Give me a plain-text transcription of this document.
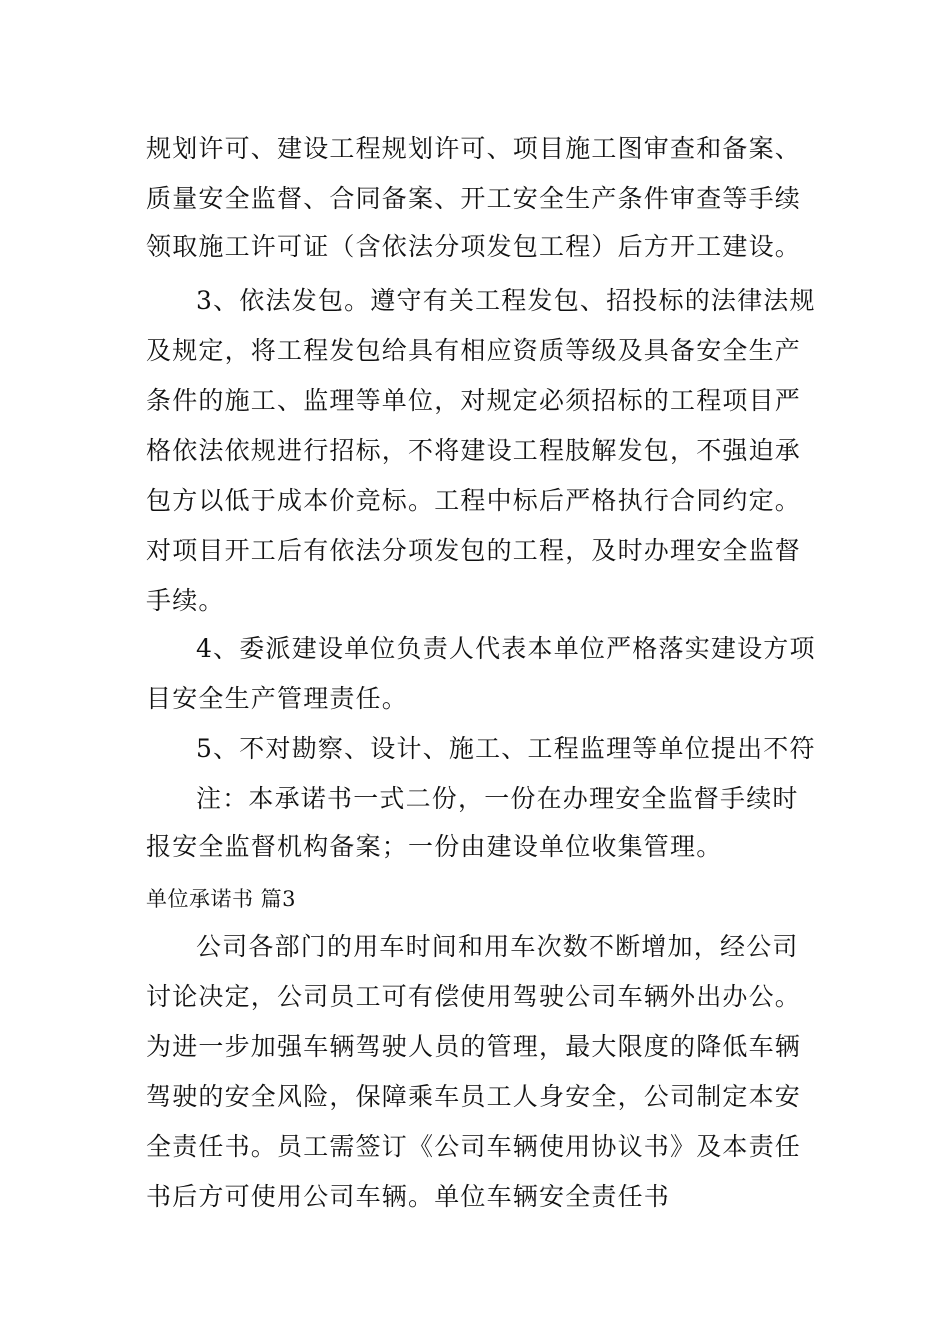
规划许可、建设工程规划许可、项目施工图审查和备案、
质量安全监督、合同备案、开工安全生产条件审查等手续
领取施工许可证（含依法分项发包工程）后方开工建设。
3、依法发包。遵守有关工程发包、招投标的法律法规
及规定，将工程发包给具有相应资质等级及具备安全生产
条件的施工、监理等单位，对规定必须招标的工程项目严
格依法依规进行招标，不将建设工程肢解发包，不强迫承
包方以低于成本价竞标。工程中标后严格执行合同约定。
对项目开工后有依法分项发包的工程，及时办理安全监督
手续。
4、委派建设单位负责人代表本单位严格落实建设方项
目安全生产管理责任。
5、不对勘察、设计、施工、工程监理等单位提出不符
注：本承诺书一式二份，一份在办理安全监督手续时
报安全监督机构备案；一份由建设单位收集管理。
单位承诺书 篇3
公司各部门的用车时间和用车次数不断增加，经公司
讨论决定，公司员工可有偿使用驾驶公司车辆外出办公。
为进一步加强车辆驾驶人员的管理，最大限度的降低车辆
驾驶的安全风险，保障乘车员工人身安全，公司制定本安
全责任书。员工需签订《公司车辆使用协议书》及本责任
书后方可使用公司车辆。单位车辆安全责任书
